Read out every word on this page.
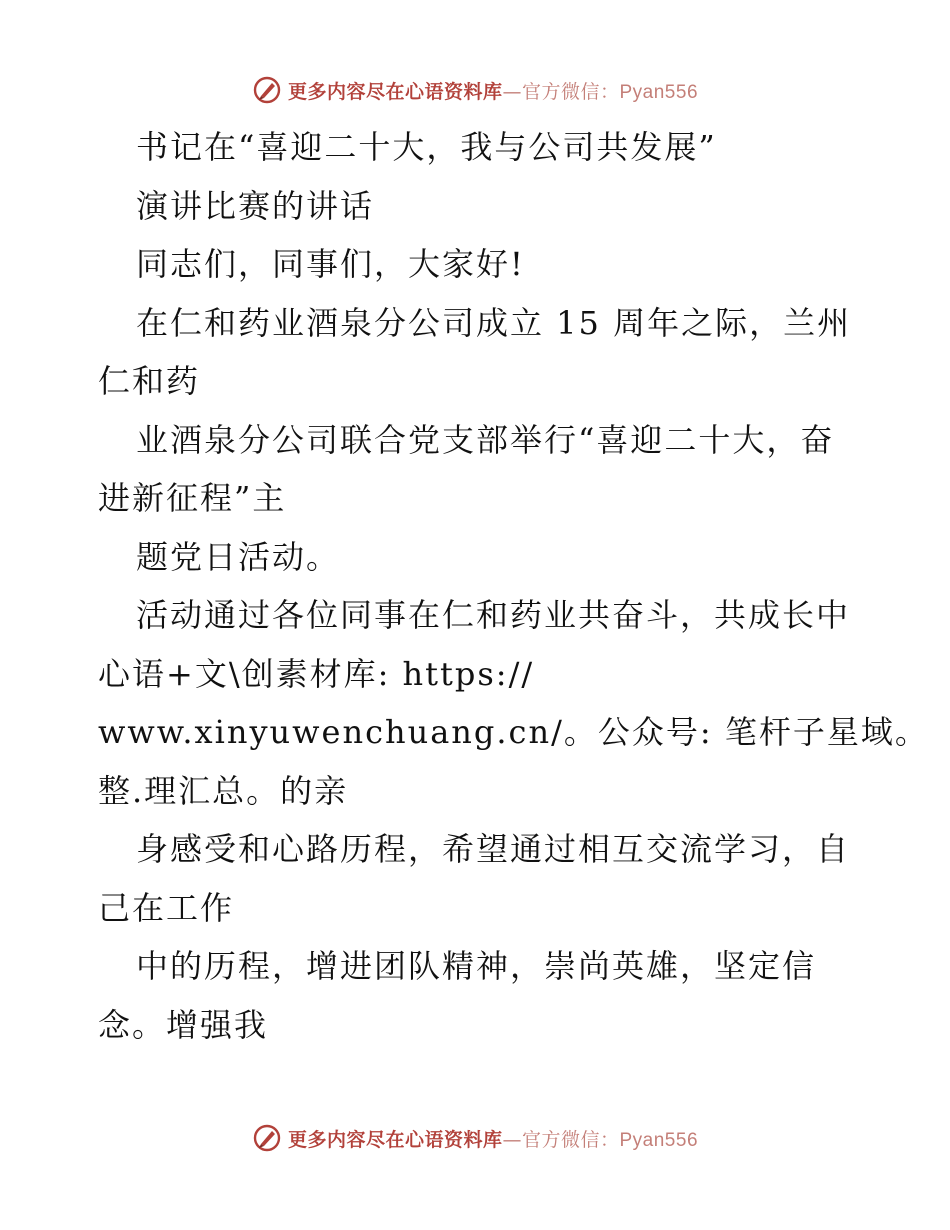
更多内容尽在心语资料库—官方微信：Pyan556
书记在“喜迎二十大，我与公司共发展”
演讲比赛的讲话
同志们，同事们，大家好!
在仁和药业酒泉分公司成立 15 周年之际，兰州
仁和药
业酒泉分公司联合党支部举行“喜迎二十大，奋
进新征程”主
题党日活动。
活动通过各位同事在仁和药业共奋斗，共成长中
心语+文\创素材库: https://
www.xinyuwenchuang.cn/。公众号: 笔杆子星域。
整.理汇总。的亲
身感受和心路历程，希望通过相互交流学习，自
己在工作
中的历程，增进团队精神，崇尚英雄，坚定信
念。增强我
更多内容尽在心语资料库—官方微信：Pyan556
